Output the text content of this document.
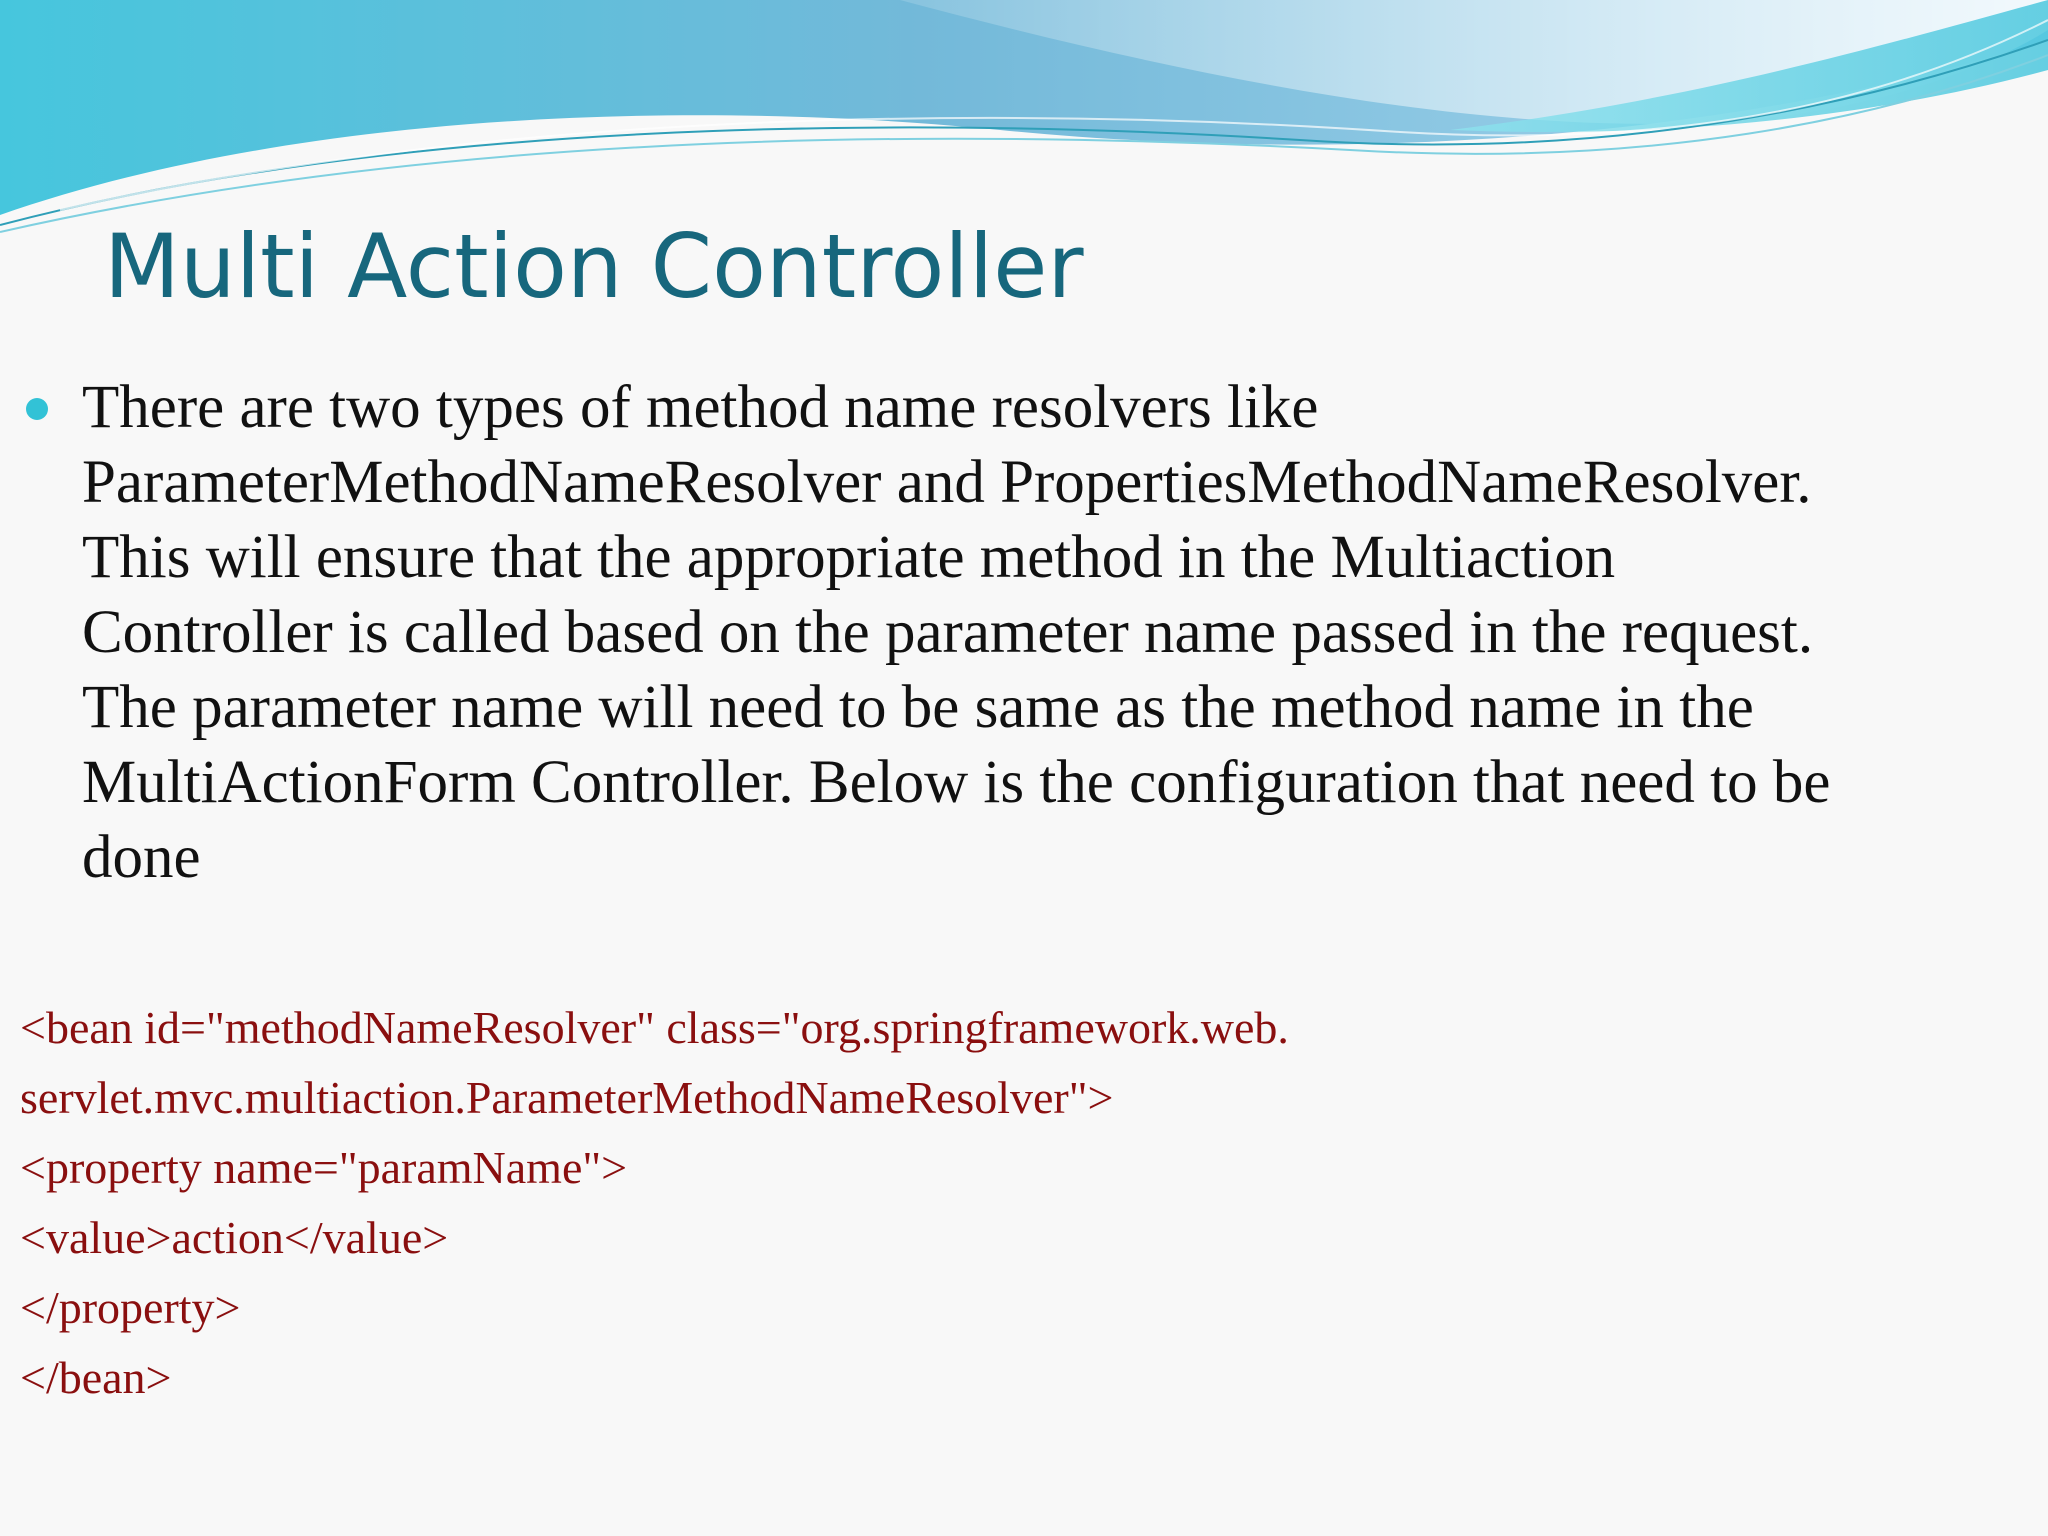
Multi Action Controller
There are two types of method name resolvers like
ParameterMethodNameResolver and PropertiesMethodNameResolver.
This will ensure that the appropriate method in the Multiaction
Controller is called based on the parameter name passed in the request.
The parameter name will need to be same as the method name in the
MultiActionForm Controller. Below is the configuration that need to be
done
<bean id="methodNameResolver" class="org.springframework.web.
servlet.mvc.multiaction.ParameterMethodNameResolver">
<property name="paramName">
<value>action</value>
</property>
</bean>
